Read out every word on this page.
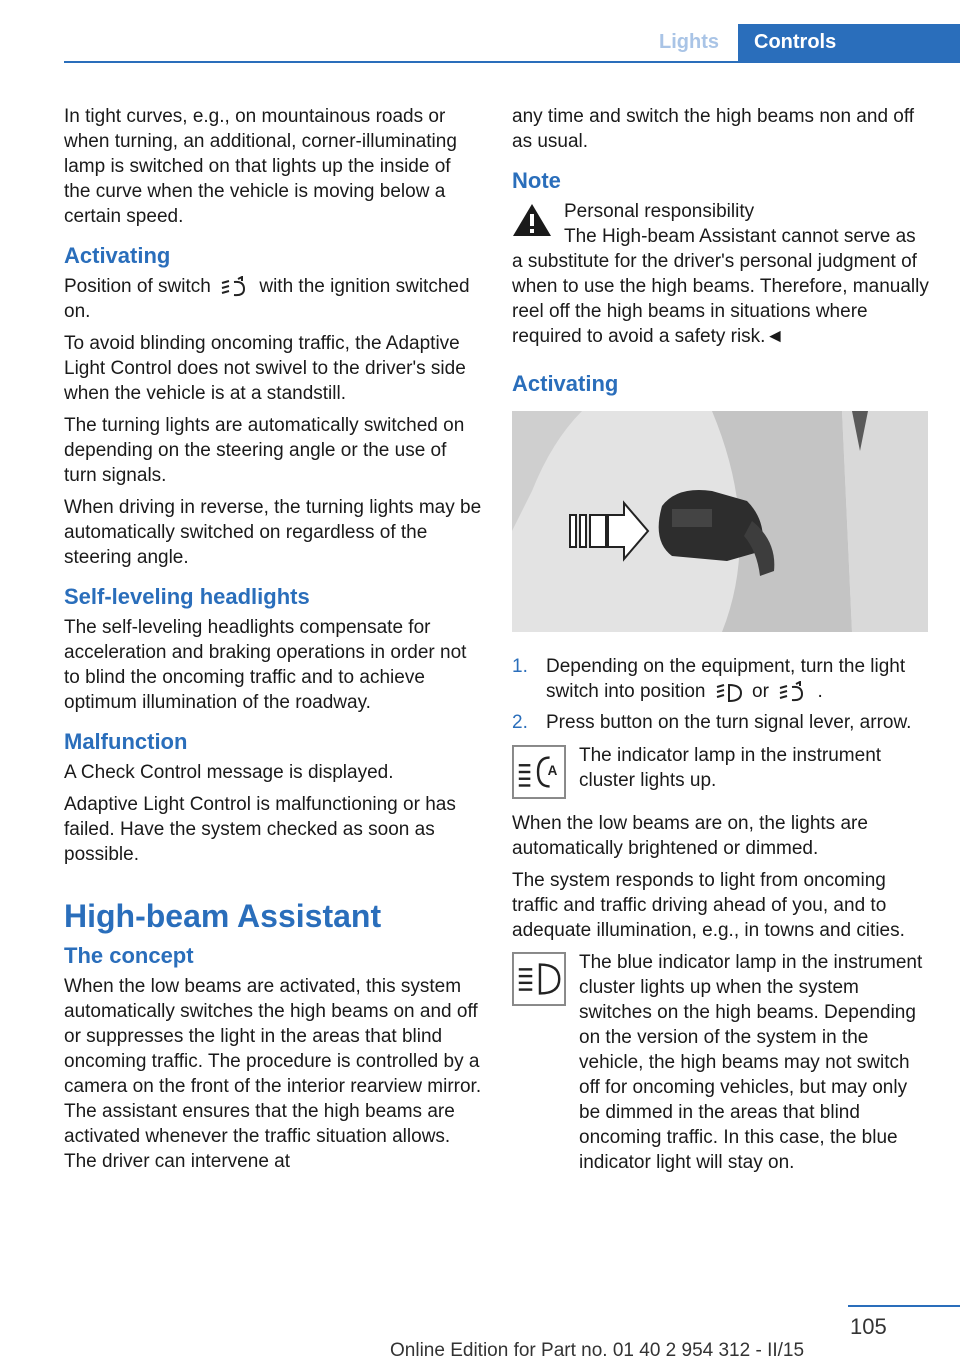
Lights	Controls

In tight curves, e.g., on mountainous roads or when turning, an additional, corner-illuminating lamp is switched on that lights up the inside of the curve when the vehicle is moving below a certain speed.

Activating

Position of switch	with the ignition switched on.

To avoid blinding oncoming traffic, the Adaptive Light Control does not swivel to the driver's side when the vehicle is at a standstill.

The turning lights are automatically switched on depending on the steering angle or the use of turn signals.

When driving in reverse, the turning lights may be automatically switched on regardless of the steering angle.

Self-leveling headlights

The self-leveling headlights compensate for acceleration and braking operations in order not to blind the oncoming traffic and to achieve optimum illumination of the roadway.

Malfunction

A Check Control message is displayed.

Adaptive Light Control is malfunctioning or has failed. Have the system checked as soon as possible.

High-beam Assistant
The concept

When the low beams are activated, this system automatically switches the high beams on and off or suppresses the light in the areas that blind oncoming traffic. The procedure is controlled by a camera on the front of the interior rearview mirror. The assistant ensures that the high beams are activated whenever the traffic situation allows. The driver can intervene at

any time and switch the high beams non and off as usual.

Note
Personal responsibility
The High-beam Assistant cannot serve as a substitute for the driver's personal judgment of when to use the high beams. Therefore, manually reel off the high beams in situations where required to avoid a safety risk.◄
Activating
1. Depending on the equipment, turn the light switch into position or	.
2. Press button on the turn signal lever, arrow.
A
The indicator lamp in the instrument cluster lights up.

When the low beams are on, the lights are automatically brightened or dimmed.

The system responds to light from oncoming traffic and traffic driving ahead of you, and to adequate illumination, e.g., in towns and cities.

The blue indicator lamp in the instrument cluster lights up when the system switches on the high beams. Depending on the version of the system in the vehicle, the high beams may not switch off for oncoming vehicles, but may only be dimmed in the areas that blind oncoming traffic. In this case, the blue indicator light will stay on.
105
Online Edition for Part no. 01 40 2 954 312 - II/15
